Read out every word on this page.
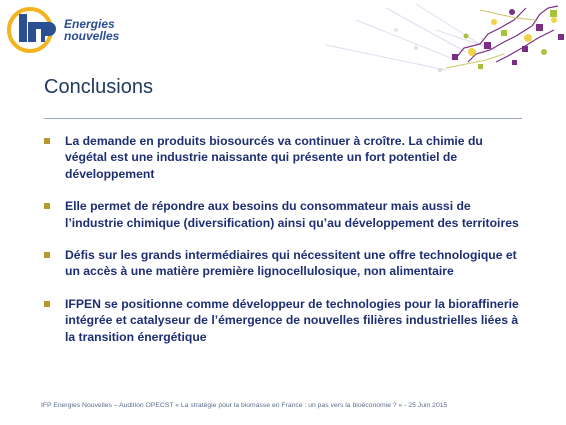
Energies
nouvelles
Conclusions
La demande en produits biosourcés va continuer à croître. La chimie du végétal est une industrie naissante qui présente un fort potentiel de développement
Elle permet de répondre aux besoins du consommateur mais aussi de l’industrie chimique (diversification) ainsi qu’au développement des territoires
Défis sur les grands intermédiaires qui nécessitent une offre technologique et un accès à une matière première lignocellulosique, non alimentaire
IFPEN se positionne comme développeur de technologies pour la bioraffinerie intégrée et catalyseur de l’émergence de nouvelles filières industrielles liées à la transition énergétique
IFP Energies Nouvelles – Audition OPECST « La stratégie pour la biomasse en France : un pas vers la bioéconomie ? » - 25 Juin 2015
